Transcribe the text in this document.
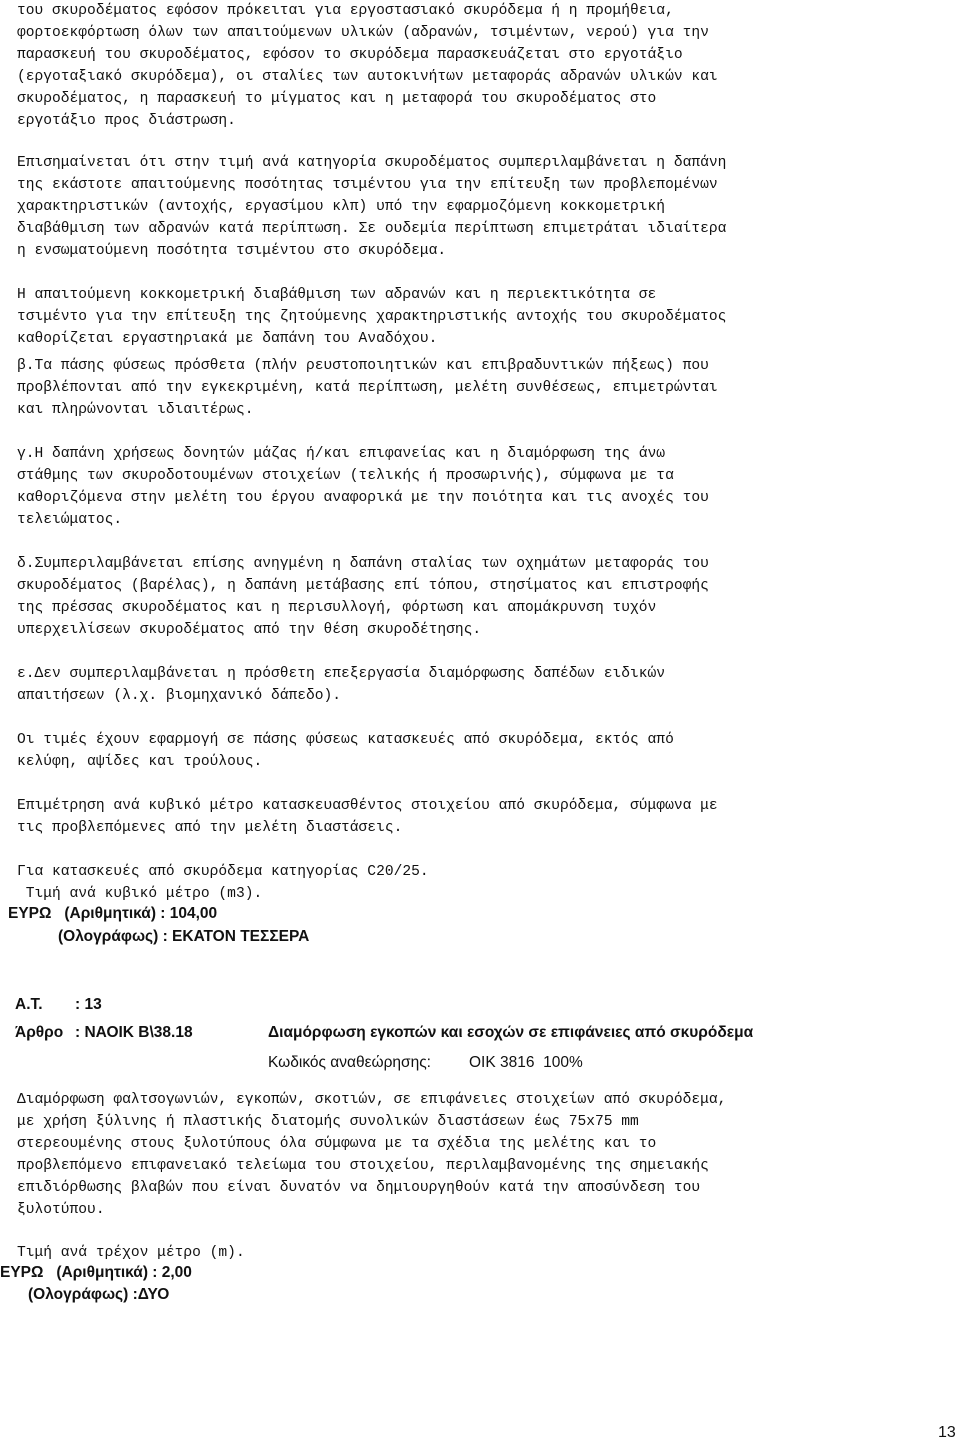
του σκυροδέματος εφόσον πρόκειται για εργοστασιακό σκυρόδεμα ή η προμήθεια,

φορτοεκφόρτωση όλων των απαιτούμενων υλικών (αδρανών, τσιμέντων, νερού) για την

παρασκευή του σκυροδέματος, εφόσον το σκυρόδεμα παρασκευάζεται στο εργοτάξιο

(εργοταξιακό σκυρόδεμα), οι σταλίες των αυτοκινήτων μεταφοράς αδρανών υλικών και

σκυροδέματος, η παρασκευή το μίγματος και η μεταφορά του σκυροδέματος στο

εργοτάξιο προς διάστρωση.

Επισημαίνεται ότι στην τιμή ανά κατηγορία σκυροδέματος συμπεριλαμβάνεται η δαπάνη

της εκάστοτε απαιτούμενης ποσότητας τσιμέντου για την επίτευξη των προβλεπομένων

χαρακτηριστικών (αντοχής, εργασίμου κλπ) υπό την εφαρμοζόμενη κοκκομετρική

διαβάθμιση των αδρανών κατά περίπτωση. Σε ουδεμία περίπτωση επιμετράται ιδιαίτερα

η ενσωματούμενη ποσότητα τσιμέντου στο σκυρόδεμα.

Η απαιτούμενη κοκκομετρική διαβάθμιση των αδρανών και η περιεκτικότητα σε

τσιμέντο για την επίτευξη της ζητούμενης χαρακτηριστικής αντοχής του σκυροδέματος

καθορίζεται εργαστηριακά με δαπάνη του Αναδόχου.

β.Τα πάσης φύσεως πρόσθετα (πλήν ρευστοποιητικών και επιβραδυντικών πήξεως) που

προβλέπονται από την εγκεκριμένη, κατά περίπτωση, μελέτη συνθέσεως, επιμετρώνται

και πληρώνονται ιδιαιτέρως.

γ.Η δαπάνη χρήσεως δονητών μάζας ή/και επιφανείας και η διαμόρφωση της άνω

στάθμης των σκυροδοτουμένων στοιχείων (τελικής ή προσωρινής), σύμφωνα με τα

καθοριζόμενα στην μελέτη του έργου αναφορικά με την ποιότητα και τις ανοχές του

τελειώματος.

δ.Συμπεριλαμβάνεται επίσης ανηγμένη η δαπάνη σταλίας των οχημάτων μεταφοράς του

σκυροδέματος (βαρέλας), η δαπάνη μετάβασης επί τόπου, στησίματος και επιστροφής

της πρέσσας σκυροδέματος και η περισυλλογή, φόρτωση και απομάκρυνση τυχόν

υπερχειλίσεων σκυροδέματος από την θέση σκυροδέτησης.

ε.Δεν συμπεριλαμβάνεται η πρόσθετη επεξεργασία διαμόρφωσης δαπέδων ειδικών

απαιτήσεων (λ.χ. βιομηχανικό δάπεδο).

Οι τιμές έχουν εφαρμογή σε πάσης φύσεως κατασκευές από σκυρόδεμα, εκτός από

κελύφη, αψίδες και τρούλους.

Επιμέτρηση ανά κυβικό μέτρο κατασκευασθέντος στοιχείου από σκυρόδεμα, σύμφωνα με

τις προβλεπόμενες από την μελέτη διαστάσεις.

Για κατασκευές από σκυρόδεμα κατηγορίας C20/25.

Τιμή ανά κυβικό μέτρο (m3).

ΕΥΡΩ   (Αριθμητικά) : 104,00

(Ολογράφως) : ΕΚΑΤΟΝ ΤΕΣΣΕΡΑ

Α.Τ. : 13

Άρθρο : ΝΑΟΙΚ Β\38.18	Διαμόρφωση εγκοπών και εσοχών σε επιφάνειες από σκυρόδεμα

Κωδικός αναθεώρησης: ΟΙΚ 3816  100%

Διαμόρφωση φαλτσογωνιών, εγκοπών, σκοτιών, σε επιφάνειες στοιχείων από σκυρόδεμα,

με χρήση ξύλινης ή πλαστικής διατομής συνολικών διαστάσεων έως 75x75 mm

στερεουμένης στους ξυλοτύπους όλα σύμφωνα με τα σχέδια της μελέτης και το

προβλεπόμενο επιφανειακό τελείωμα του στοιχείου, περιλαμβανομένης της σημειακής

επιδιόρθωσης βλαβών που είναι δυνατόν να δημιουργηθούν κατά την αποσύνδεση του

ξυλοτύπου.

Τιμή ανά τρέχον μέτρο (m).

ΕΥΡΩ   (Αριθμητικά) : 2,00

(Ολογράφως) :ΔΥΟ

13
